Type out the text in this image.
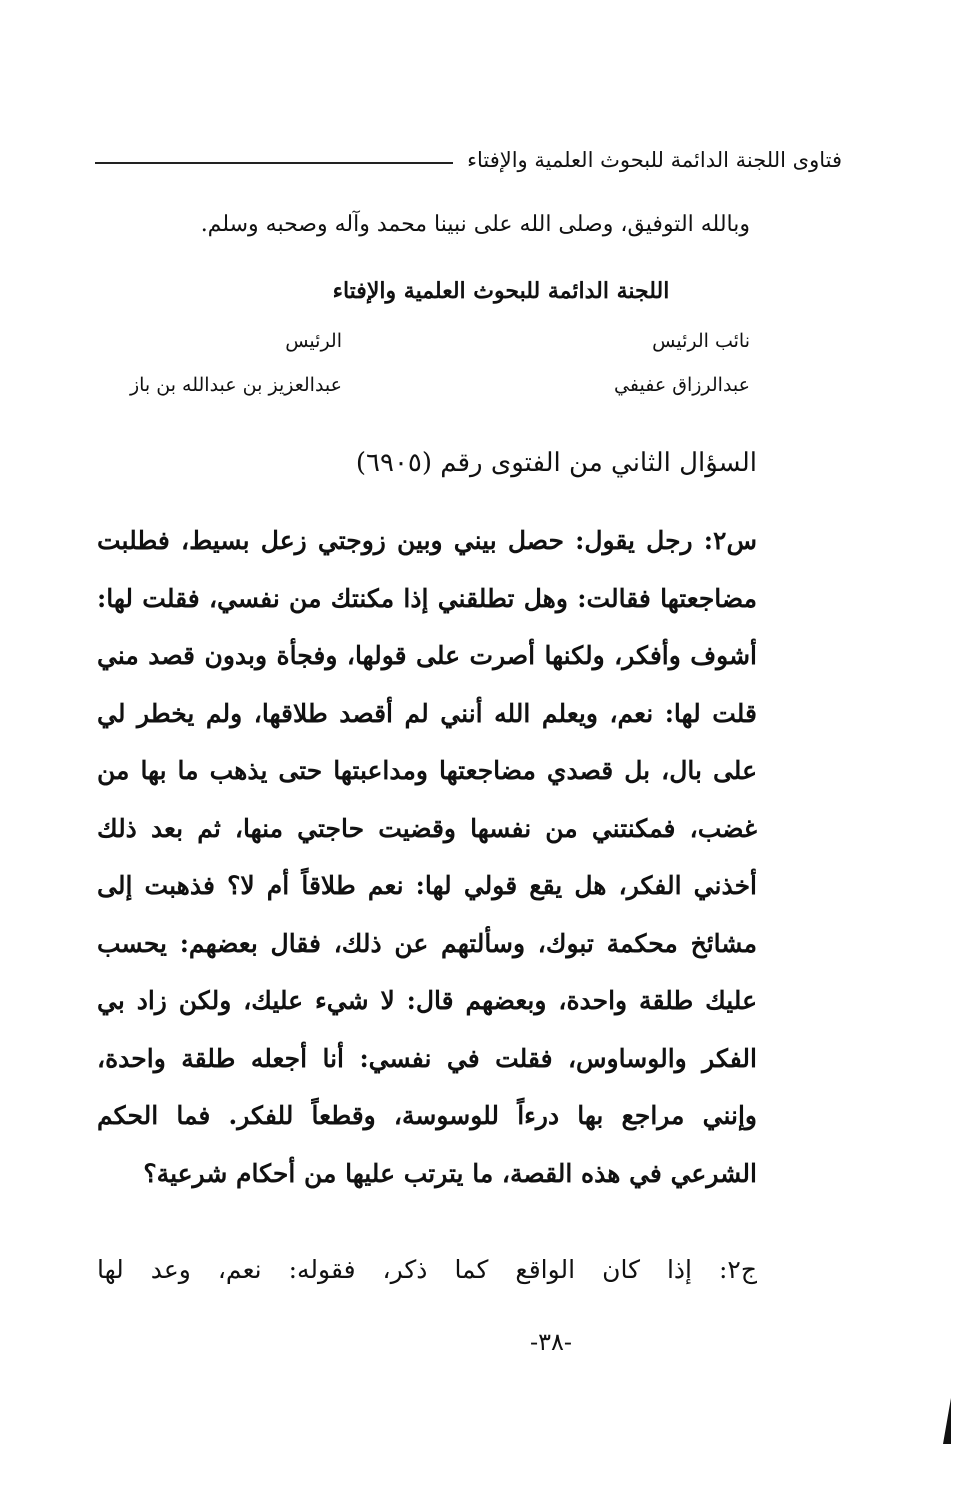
فتاوى اللجنة الدائمة للبحوث العلمية والإفتاء
وبالله التوفيق، وصلى الله على نبينا محمد وآله وصحبه وسلم.
اللجنة الدائمة للبحوث العلمية والإفتاء
نائب الرئيس
عبدالرزاق عفيفي
الرئيس
عبدالعزيز بن عبدالله بن باز
السؤال الثاني من الفتوى رقم (٦٩٠٥)
س٢: رجل يقول: حصل بيني وبين زوجتي زعل بسيط، فطلبت مضاجعتها فقالت: وهل تطلقني إذا مكنتك من نفسي، فقلت لها: أشوف وأفكر، ولكنها أصرت على قولها، وفجأة وبدون قصد مني قلت لها: نعم، ويعلم الله أنني لم أقصد طلاقها، ولم يخطر لي على بال، بل قصدي مضاجعتها ومداعبتها حتى يذهب ما بها من غضب، فمكنتني من نفسها وقضيت حاجتي منها، ثم بعد ذلك أخذني الفكر، هل يقع قولي لها: نعم طلاقاً أم لا؟ فذهبت إلى مشائخ محكمة تبوك، وسألتهم عن ذلك، فقال بعضهم: يحسب عليك طلقة واحدة، وبعضهم قال: لا شيء عليك، ولكن زاد بي الفكر والوساوس، فقلت في نفسي: أنا أجعله طلقة واحدة، وإنني مراجع بها درءاً للوسوسة، وقطعاً للفكر. فما الحكم الشرعي في هذه القصة، ما يترتب عليها من أحكام شرعية؟
ج٢: إذا كان الواقع كما ذكر، فقوله: نعم، وعد لها
-٣٨-
